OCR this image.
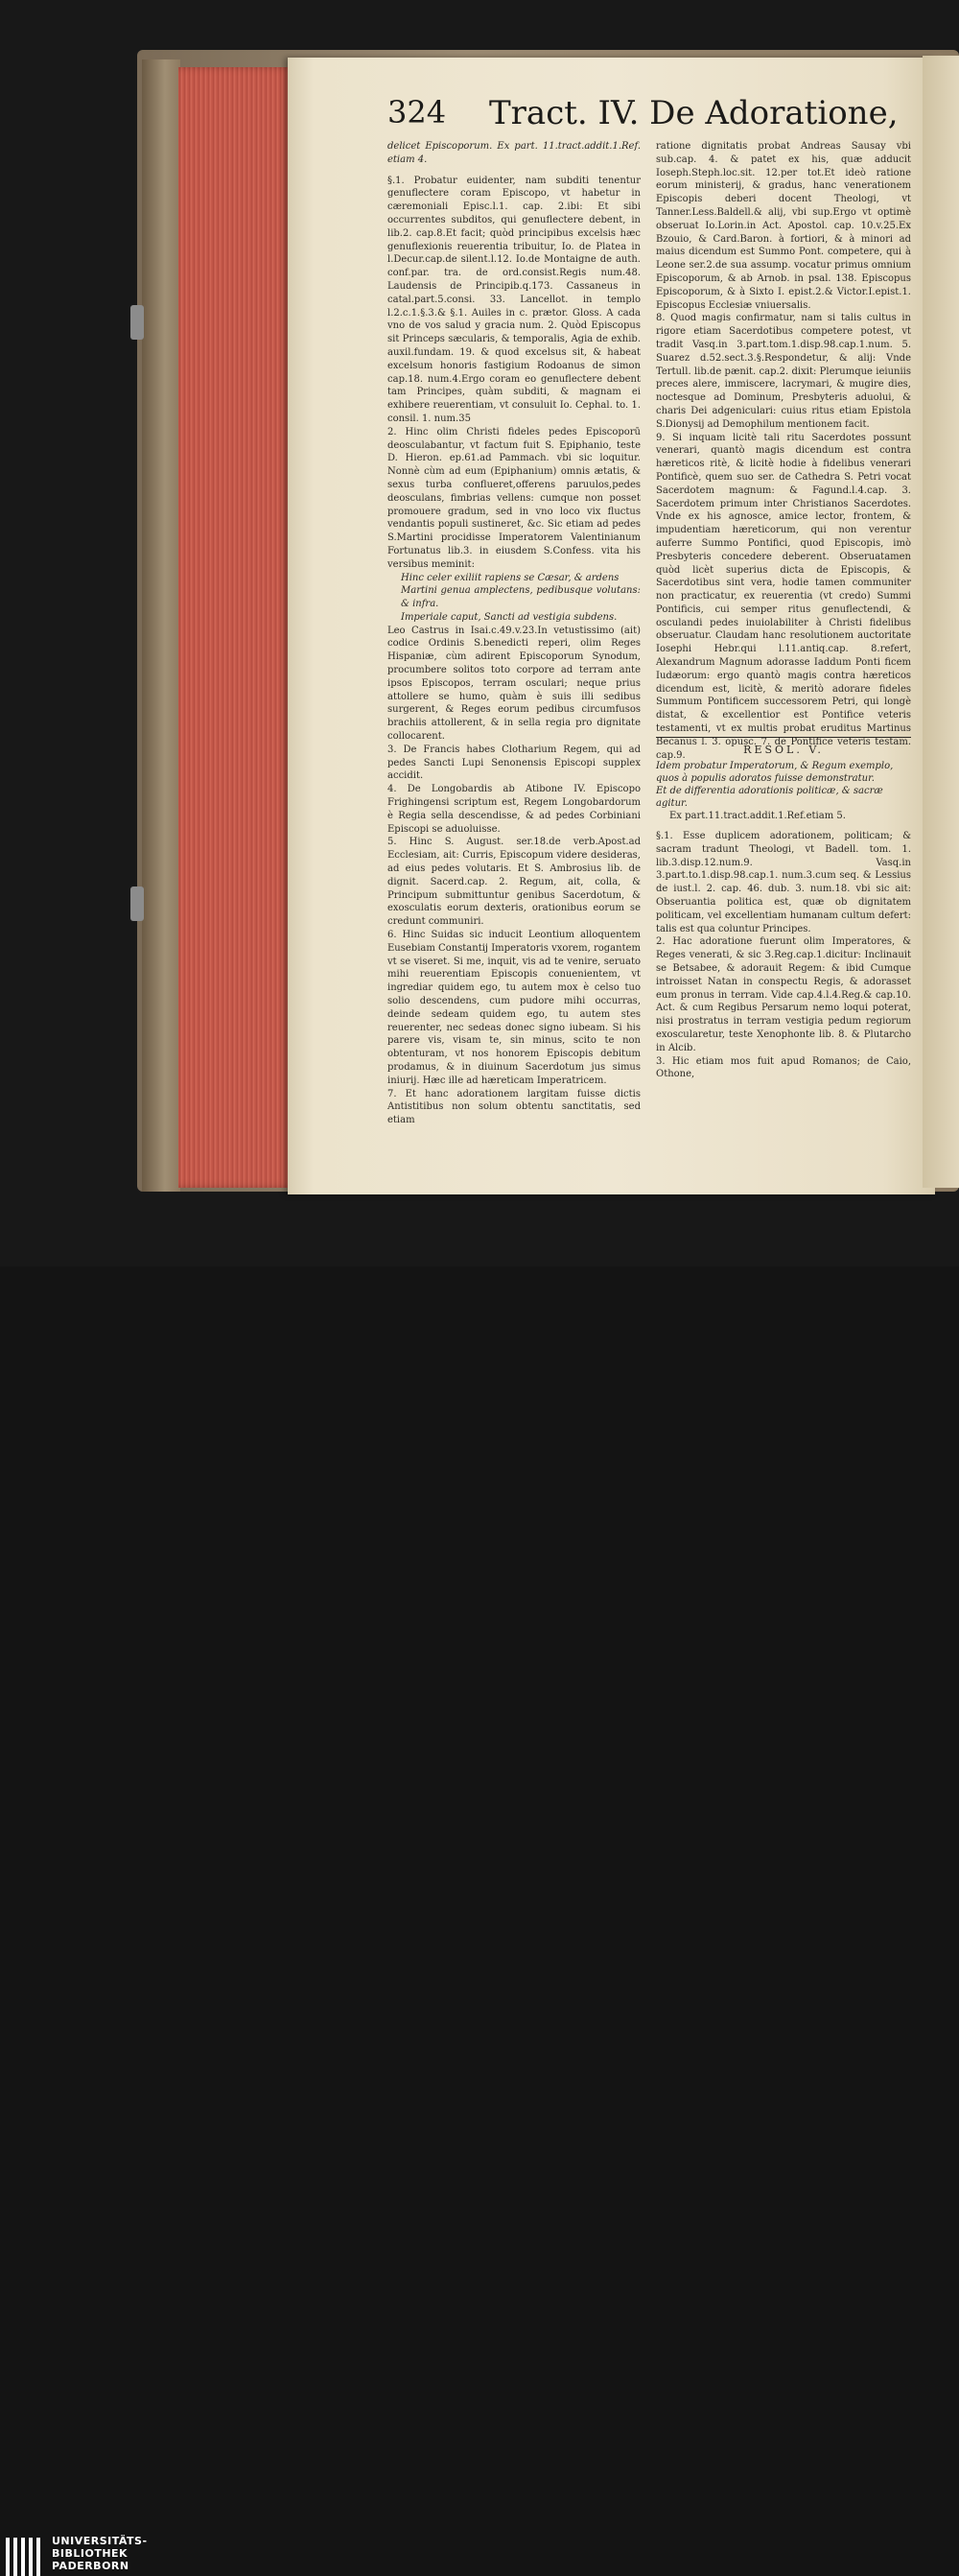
324 Tract. IV. De Adoratione,

delicet Episcoporum. Ex part. 11.tract.addit.1.Ref. etiam 4.

§.1. Probatur euidenter, nam subditi tenentur genuflectere coram Episcopo, vt habetur in cæremoniali Episc.l.1. cap. 2.ibi: Et sibi occurrentes subditos, qui genuflectere debent, in lib.2. cap.8.Et facit; quòd principibus excelsis hæc genuflexionis reuerentia tribuitur, Io. de Platea in l.Decur.cap.de silent.l.12. Io.de Montaigne de auth. conf.par. tra. de ord.consist.Regis num.48. Laudensis de Principib.q.173. Cassaneus in catal.part.5.consi. 33. Lancellot. in templo l.2.c.1.§.3.& §.1. Auiles in c. prætor. Gloss. A cada vno de vos salud y gracia num. 2. Quòd Episcopus sit Princeps sæcularis, & temporalis, Agia de exhib. auxil.fundam. 19. & quod excelsus sit, & habeat excelsum honoris fastigium Rodoanus de simon cap.18. num.4.Ergo coram eo genuflectere debent tam Principes, quàm subditi, & magnam ei exhibere reuerentiam, vt consuluit Io. Cephal. to. 1. consil. 1. num.35

2. Hinc olim Christi fideles pedes Episcoporū deosculabantur, vt factum fuit S. Epiphanio, teste D. Hieron. ep.61.ad Pammach. vbi sic loquitur. Nonnè cùm ad eum (Epiphanium) omnis ætatis, & sexus turba conflueret,offerens paruulos,pedes deosculans, fimbrias vellens: cumque non posset promouere gradum, sed in vno loco vix fluctus vendantis populi sustineret, &c. Sic etiam ad pedes S.Martini procidisse Imperatorem Valentinianum Fortunatus lib.3. in eiusdem S.Confess. vita his versibus meminit:

Hinc celer exiliit rapiens se Cæsar, & ardens

Martini genua amplectens, pedibusque volutans: & infra.

Imperiale caput, Sancti ad vestigia subdens.

Leo Castrus in Isai.c.49.v.23.In vetustissimo (ait) codice Ordinis S.benedicti reperi, olim Reges Hispaniæ, cùm adirent Episcoporum Synodum, procumbere solitos toto corpore ad terram ante ipsos Episcopos, terram osculari; neque prius attollere se humo, quàm è suis illi sedibus surgerent, & Reges eorum pedibus circumfusos brachiis attollerent, & in sella regia pro dignitate collocarent.

3. De Francis habes Clotharium Regem, qui ad pedes Sancti Lupi Senonensis Episcopi supplex accidit.

4. De Longobardis ab Atibone IV. Episcopo Frighingensi scriptum est, Regem Longobardorum è Regia sella descendisse, & ad pedes Corbiniani Episcopi se aduoluisse.

5. Hinc S. August. ser.18.de verb.Apost.ad Ecclesiam, ait: Curris, Episcopum videre desideras, ad eius pedes volutaris. Et S. Ambrosius lib. de dignit. Sacerd.cap. 2. Regum, ait, colla, & Principum submittuntur genibus Sacerdotum, & exosculatis eorum dexteris, orationibus eorum se credunt communiri.

6. Hinc Suidas sic inducit Leontium alloquentem Eusebiam Constantij Imperatoris vxorem, rogantem vt se viseret. Si me, inquit, vis ad te venire, seruato mihi reuerentiam Episcopis conuenientem, vt ingrediar quidem ego, tu autem mox è celso tuo solio descendens, cum pudore mihi occurras, deinde sedeam quidem ego, tu autem stes reuerenter, nec sedeas donec signo iubeam. Si his parere vis, visam te, sin minus, scito te non obtenturam, vt nos honorem Episcopis debitum prodamus, & in diuinum Sacerdotum jus simus iniurij. Hæc ille ad hæreticam Imperatricem.

7. Et hanc adorationem largitam fuisse dictis Antistitibus non solum obtentu sanctitatis, sed etiam

ratione dignitatis probat Andreas Sausay vbi sub.cap. 4. & patet ex his, quæ adducit Ioseph.Steph.loc.sit. 12.per tot.Et ideò ratione eorum ministerij, & gradus, hanc venerationem Episcopis deberi docent Theologi, vt Tanner.Less.Baldell.& alij, vbi sup.Ergo vt optimè obseruat Io.Lorin.in Act. Apostol. cap. 10.v.25.Ex Bzouio, & Card.Baron. à fortiori, & à minori ad maius dicendum est Summo Pont. competere, qui à Leone ser.2.de sua assump. vocatur primus omnium Episcoporum, & ab Arnob. in psal. 138. Episcopus Episcoporum, & à Sixto I. epist.2.& Victor.I.epist.1. Episcopus Ecclesiæ vniuersalis.

8. Quod magis confirmatur, nam si talis cultus in rigore etiam Sacerdotibus competere potest, vt tradit Vasq.in 3.part.tom.1.disp.98.cap.1.num. 5. Suarez d.52.sect.3.§.Respondetur, & alij: Vnde Tertull. lib.de pænit. cap.2. dixit: Plerumque ieiuniis preces alere, immiscere, lacrymari, & mugire dies, noctesque ad Dominum, Presbyteris aduolui, & charis Dei adgeniculari: cuius ritus etiam Epistola S.Dionysij ad Demophilum mentionem facit.

9. Si inquam licitè tali ritu Sacerdotes possunt venerari, quantò magis dicendum est contra hæreticos ritè, & licitè hodie à fidelibus venerari Pontificè, quem suo ser. de Cathedra S. Petri vocat Sacerdotem magnum: & Fagund.l.4.cap. 3. Sacerdotem primum inter Christianos Sacerdotes. Vnde ex his agnosce, amice lector, frontem, & impudentiam hæreticorum, qui non verentur auferre Summo Pontifici, quod Episcopis, imò Presbyteris concedere deberent. Obseruatamen quòd licèt superius dicta de Episcopis, & Sacerdotibus sint vera, hodie tamen communiter non practicatur, ex reuerentia (vt credo) Summi Pontificis, cui semper ritus genuflectendi, & osculandi pedes inuiolabiliter à Christi fidelibus obseruatur. Claudam hanc resolutionem auctoritate Iosephi Hebr.qui l.11.antiq.cap. 8.refert, Alexandrum Magnum adorasse Iaddum Ponti ficem Iudæorum: ergo quantò magis contra hæreticos dicendum est, licitè, & meritò adorare fideles Summum Pontificem successorem Petri, qui longè distat, & excellentior est Pontifice veteris testamenti, vt ex multis probat eruditus Martinus Becanus l. 3. opusc. 7. de Pontifice veteris testam. cap.9.	RESOL. V.
Idem probatur Imperatorum, & Regum exemplo, quos à populis adoratos fuisse demonstratur.
Et de differentia adorationis politicæ, & sacræ agitur.
Ex part.11.tract.addit.1.Ref.etiam 5.

§.1. Esse duplicem adorationem, politicam; & sacram tradunt Theologi, vt Badell. tom. 1. lib.3.disp.12.num.9. Vasq.in 3.part.to.1.disp.98.cap.1. num.3.cum seq. & Lessius de iust.l. 2. cap. 46. dub. 3. num.18. vbi sic ait: Obseruantia politica est, quæ ob dignitatem politicam, vel excellentiam humanam cultum defert: talis est qua coluntur Principes.

2. Hac adoratione fuerunt olim Imperatores, & Reges venerati, & sic 3.Reg.cap.1.dicitur: Inclinauit se Betsabee, & adorauit Regem: & ibid Cumque introisset Natan in conspectu Regis, & adorasset eum pronus in terram. Vide cap.4.l.4.Reg.& cap.10. Act. & cum Regibus Persarum nemo loqui poterat, nisi prostratus in terram vestigia pedum regiorum exoscularetur, teste Xenophonte lib. 8. & Plutarcho in Alcib.

3. Hic etiam mos fuit apud Romanos; de Caio, Othone,

UNIVERSITÄTS-
BIBLIOTHEK
PADERBORN
